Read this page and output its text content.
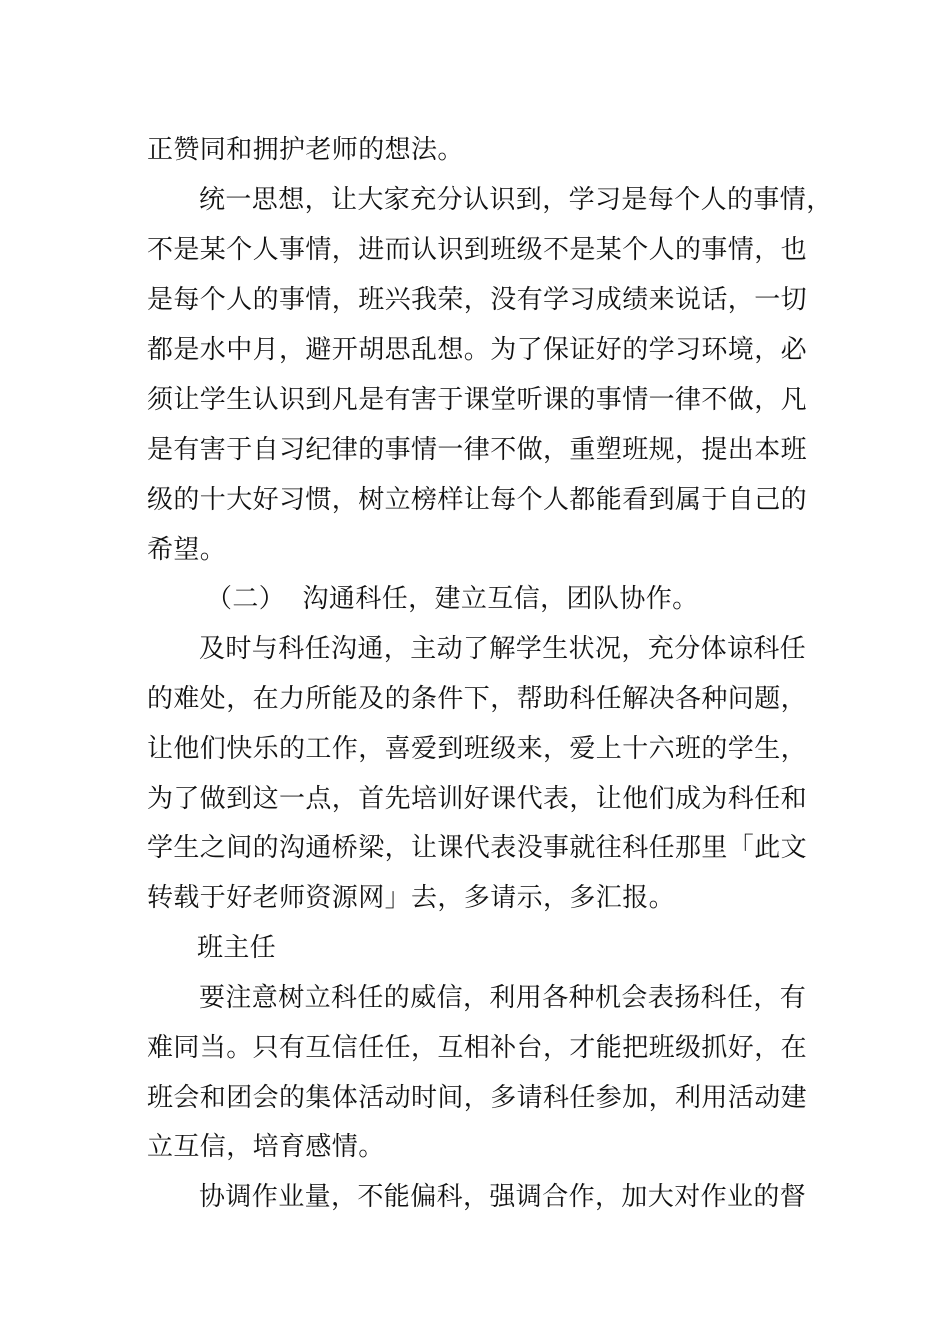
正赞同和拥护老师的想法。
统一思想，让大家充分认识到，学习是每个人的事情，
不是某个人事情，进而认识到班级不是某个人的事情，也
是每个人的事情，班兴我荣，没有学习成绩来说话，一切
都是水中月，避开胡思乱想。为了保证好的学习环境，必
须让学生认识到凡是有害于课堂听课的事情一律不做，凡
是有害于自习纪律的事情一律不做，重塑班规，提出本班
级的十大好习惯，树立榜样让每个人都能看到属于自己的
希望。
（二）  沟通科任，建立互信，团队协作。
及时与科任沟通，主动了解学生状况，充分体谅科任
的难处，在力所能及的条件下，帮助科任解决各种问题，
让他们快乐的工作，喜爱到班级来，爱上十六班的学生，
为了做到这一点，首先培训好课代表，让他们成为科任和
学生之间的沟通桥梁，让课代表没事就往科任那里「此文
转载于好老师资源网」去，多请示，多汇报。
班主任
要注意树立科任的威信，利用各种机会表扬科任，有
难同当。只有互信任任，互相补台，才能把班级抓好，在
班会和团会的集体活动时间，多请科任参加，利用活动建
立互信，培育感情。
协调作业量，不能偏科，强调合作，加大对作业的督
